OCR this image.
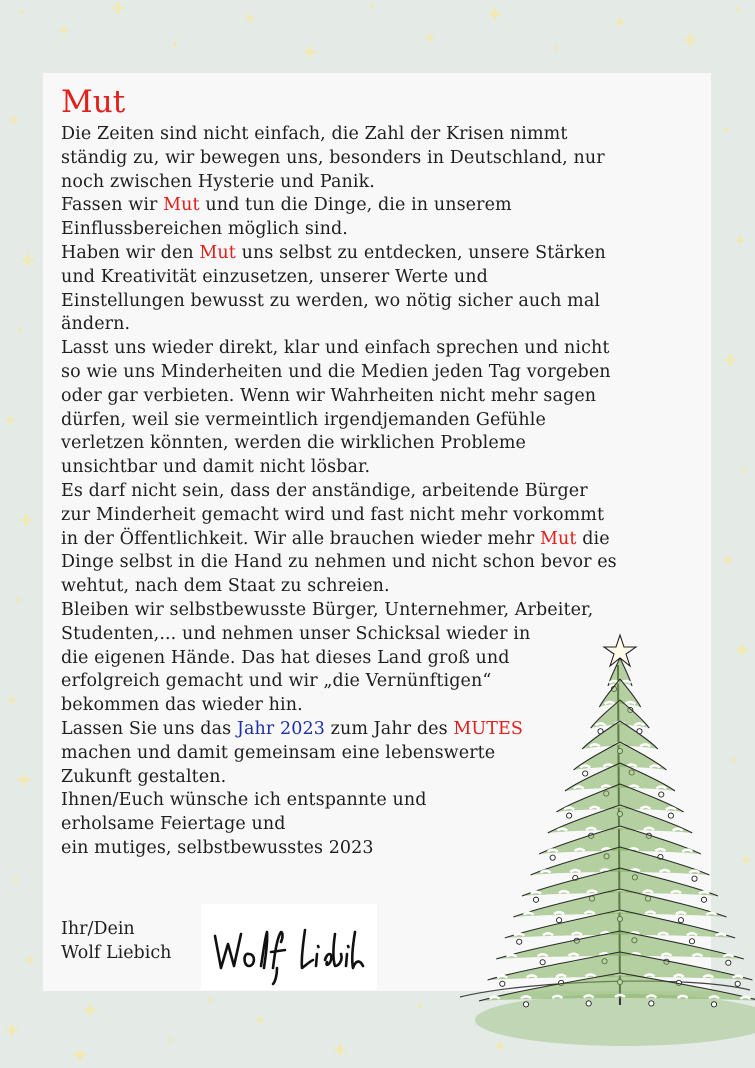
Mut
Die Zeiten sind nicht einfach, die Zahl der Krisen nimmt
ständig zu, wir bewegen uns, besonders in Deutschland, nur
noch zwischen Hysterie und Panik.
Fassen wir Mut und tun die Dinge, die in unserem
Einflussbereichen möglich sind.
Haben wir den Mut uns selbst zu entdecken, unsere Stärken
und Kreativität einzusetzen, unserer Werte und
Einstellungen bewusst zu werden, wo nötig sicher auch mal
ändern.
Lasst uns wieder direkt, klar und einfach sprechen und nicht
so wie uns Minderheiten und die Medien jeden Tag vorgeben
oder gar verbieten. Wenn wir Wahrheiten nicht mehr sagen
dürfen, weil sie vermeintlich irgendjemanden Gefühle
verletzen könnten, werden die wirklichen Probleme
unsichtbar und damit nicht lösbar.
Es darf nicht sein, dass der anständige, arbeitende Bürger
zur Minderheit gemacht wird und fast nicht mehr vorkommt
in der Öffentlichkeit. Wir alle brauchen wieder mehr Mut die
Dinge selbst in die Hand zu nehmen und nicht schon bevor es
wehtut, nach dem Staat zu schreien.
Bleiben wir selbstbewusste Bürger, Unternehmer, Arbeiter,
Studenten,... und nehmen unser Schicksal wieder in
die eigenen Hände. Das hat dieses Land groß und
erfolgreich gemacht und wir „die Vernünftigen“
bekommen das wieder hin.
Lassen Sie uns das Jahr 2023 zum Jahr des MUTES
machen und damit gemeinsam eine lebenswerte
Zukunft gestalten.
Ihnen/Euch wünsche ich entspannte und
erholsame Feiertage und
ein mutiges, selbstbewusstes 2023
Ihr/Dein
Wolf Liebich
